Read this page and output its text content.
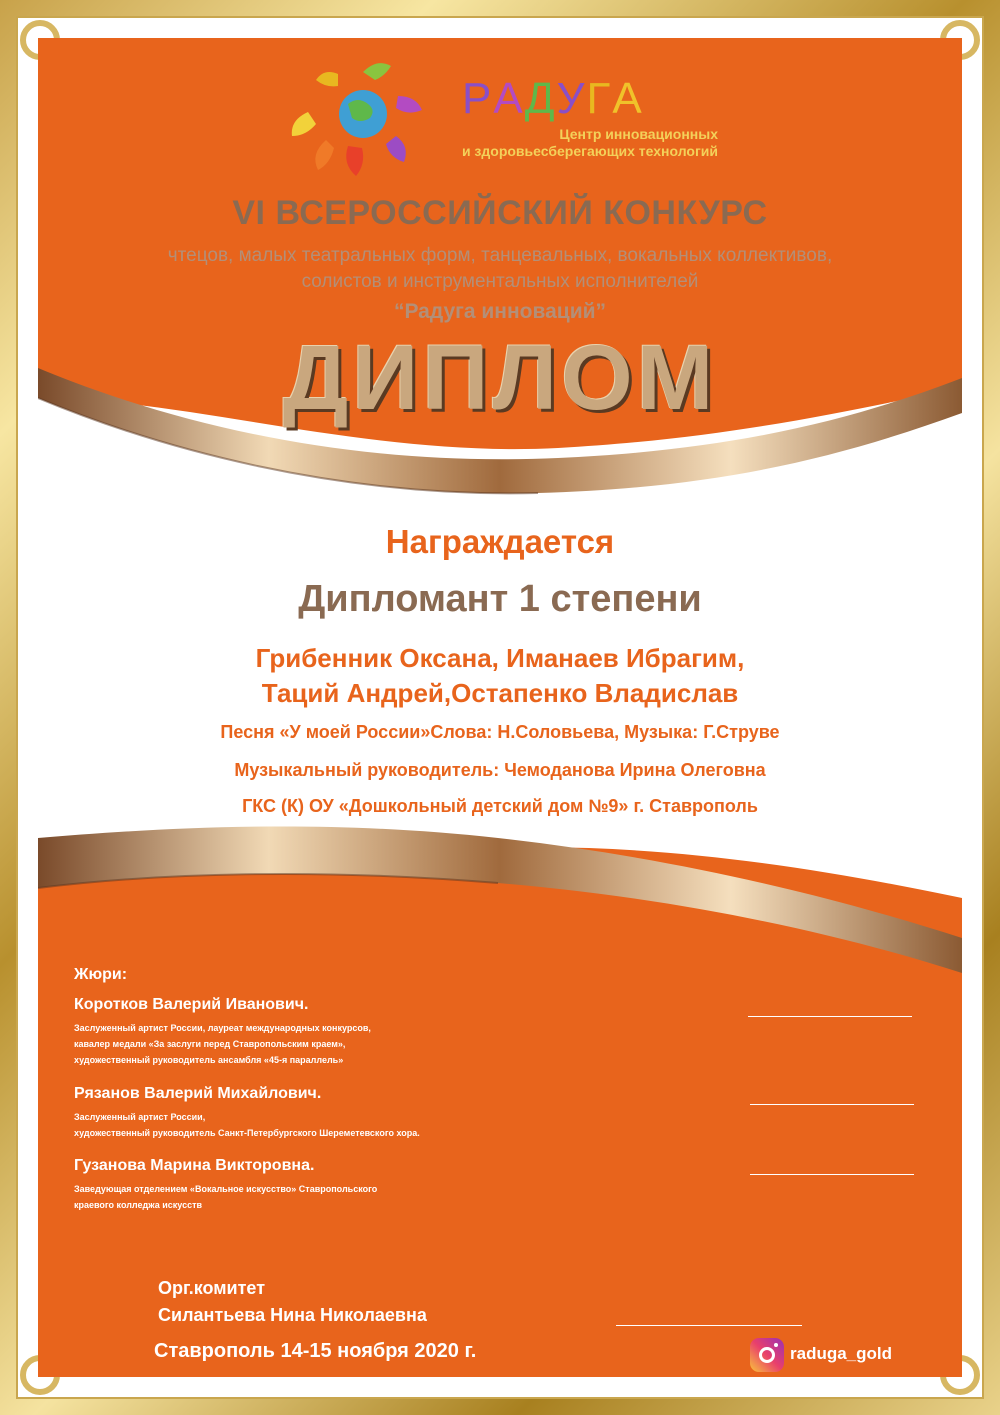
РАДУГА
Центр инновационных
и здоровьесберегающих технологий
VI ВСЕРОССИЙСКИЙ КОНКУРС
чтецов, малых театральных форм, танцевальных, вокальных коллективов,
солистов и инструментальных исполнителей
“Радуга инноваций”
ДИПЛОМ
Награждается
Дипломант 1 степени
Грибенник Оксана, Иманаев Ибрагим,
Таций Андрей,Остапенко Владислав
Песня «У моей России»Слова: Н.Соловьева, Музыка: Г.Струве
Музыкальный руководитель: Чемоданова Ирина Олеговна
ГКС (К) ОУ «Дошкольный детский дом №9» г. Ставрополь
Жюри:
Коротков Валерий Иванович.
Заслуженный артист России, лауреат международных конкурсов,
кавалер медали «За заслуги перед Ставропольским краем»,
художественный руководитель ансамбля «45-я параллель»
Рязанов Валерий Михайлович.
Заслуженный артист России,
художественный руководитель Санкт-Петербургского Шереметевского хора.
Гузанова Марина Викторовна.
Заведующая отделением «Вокальное искусство» Ставропольского
краевого колледжа искусств
Орг.комитет
Силантьева Нина Николаевна
Ставрополь 14-15 ноября 2020 г.	raduga_gold
